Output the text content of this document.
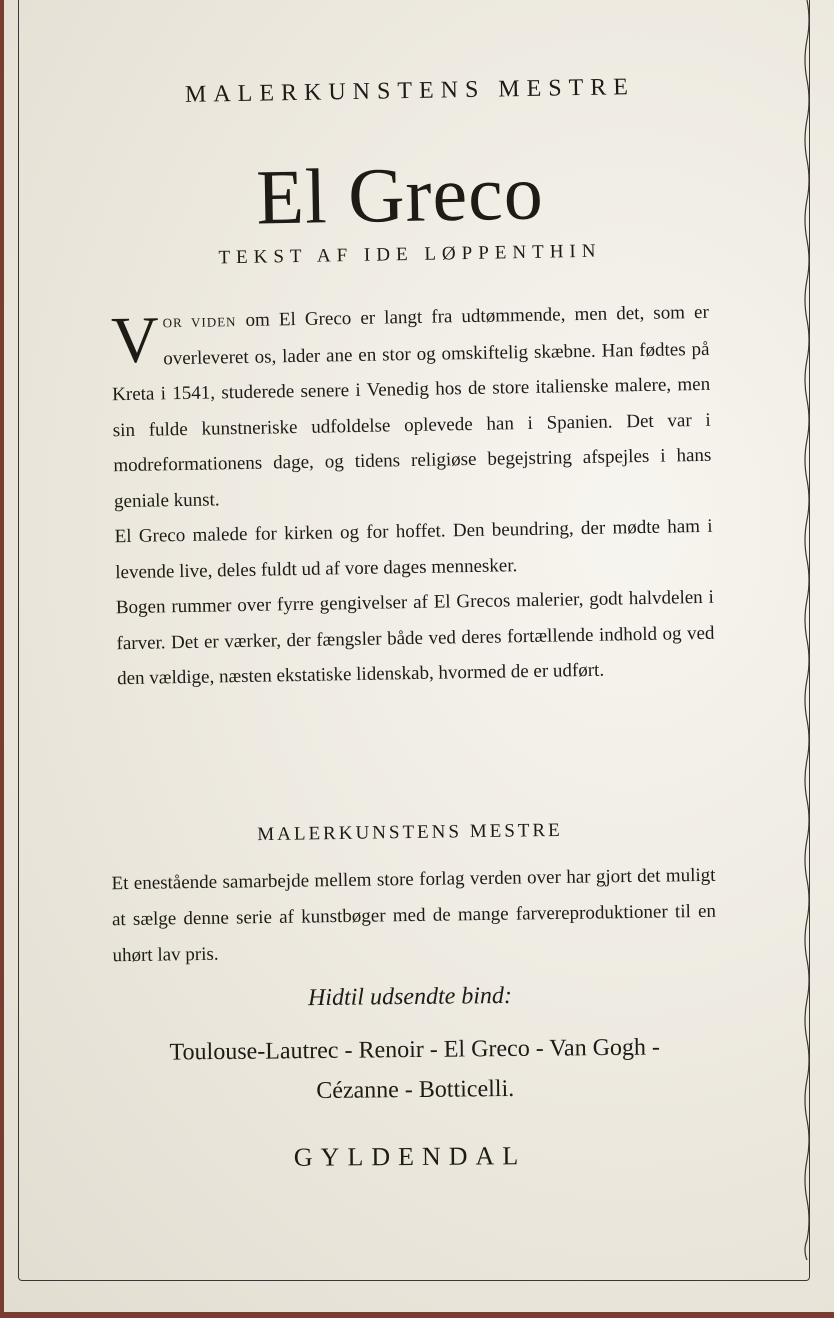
MALERKUNSTENS MESTRE
El Greco
TEKST AF IDE LØPPENTHIN

VOR VIDEN om El Greco er langt fra udtømmende, men det, som er overleveret os, lader ane en stor og omskiftelig skæbne. Han fødtes på Kreta i 1541, studerede senere i Venedig hos de store italienske malere, men sin fulde kunstneriske udfoldelse oplevede han i Spanien. Det var i modreformationens dage, og tidens religiøse begejstring afspejles i hans geniale kunst.

El Greco malede for kirken og for hoffet. Den beundring, der mødte ham i levende live, deles fuldt ud af vore dages mennesker.

Bogen rummer over fyrre gengivelser af El Grecos malerier, godt halvdelen i farver. Det er værker, der fængsler både ved deres fortællende indhold og ved den vældige, næsten ekstatiske lidenskab, hvormed de er udført.

MALERKUNSTENS MESTRE
Et enestående samarbejde mellem store forlag verden over har gjort det muligt at sælge denne serie af kunstbøger med de mange farvereproduktioner til en uhørt lav pris.
Hidtil udsendte bind:
Toulouse-Lautrec - Renoir - El Greco - Van Gogh -
Cézanne - Botticelli.
GYLDENDAL
